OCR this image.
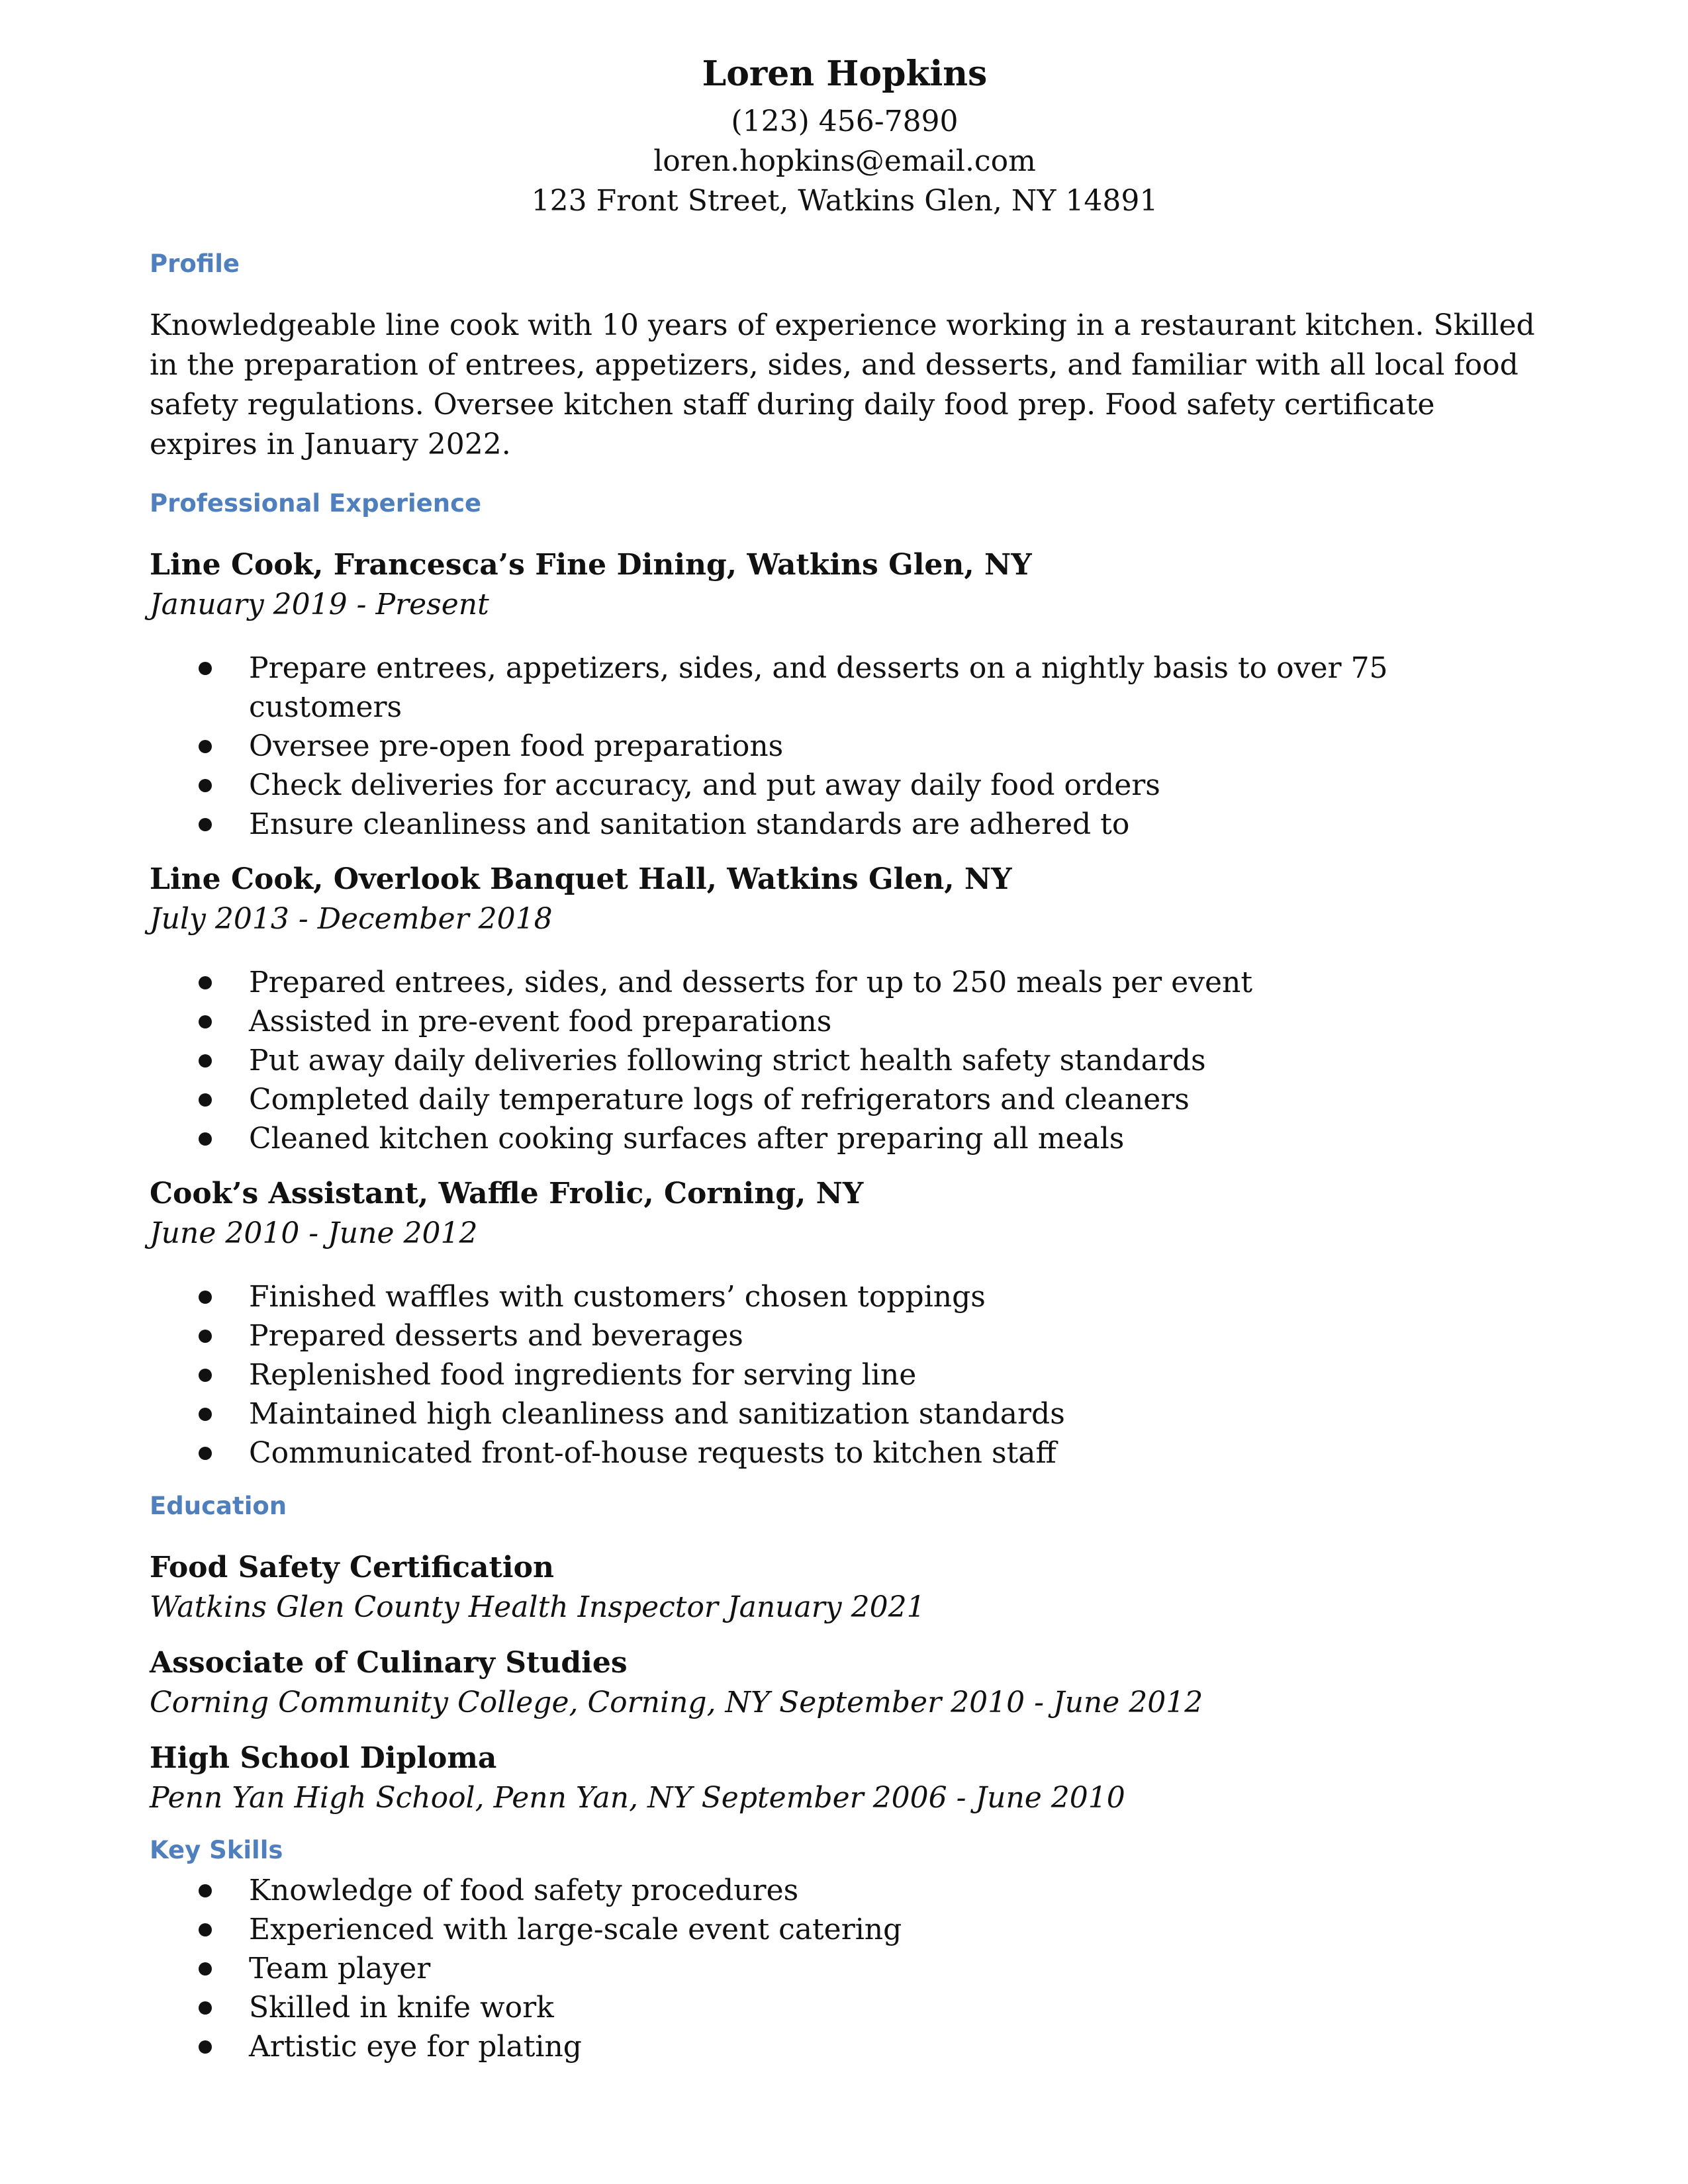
Loren Hopkins

(123) 456-7890

loren.hopkins@email.com

123 Front Street, Watkins Glen, NY 14891

Profile

Knowledgeable line cook with 10 years of experience working in a restaurant kitchen. Skilled in the preparation of entrees, appetizers, sides, and desserts, and familiar with all local food safety regulations. Oversee kitchen staff during daily food prep. Food safety certificate expires in January 2022.

Professional Experience

Line Cook, Francesca’s Fine Dining, Watkins Glen, NY

January 2019 - Present

Prepare entrees, appetizers, sides, and desserts on a nightly basis to over 75 customers
Oversee pre-open food preparations
Check deliveries for accuracy, and put away daily food orders
Ensure cleanliness and sanitation standards are adhered to

Line Cook, Overlook Banquet Hall, Watkins Glen, NY

July 2013 - December 2018

Prepared entrees, sides, and desserts for up to 250 meals per event
Assisted in pre-event food preparations
Put away daily deliveries following strict health safety standards
Completed daily temperature logs of refrigerators and cleaners
Cleaned kitchen cooking surfaces after preparing all meals

Cook’s Assistant, Waffle Frolic, Corning, NY

June 2010 - June 2012

Finished waffles with customers’ chosen toppings
Prepared desserts and beverages
Replenished food ingredients for serving line
Maintained high cleanliness and sanitization standards
Communicated front-of-house requests to kitchen staff
Education

Food Safety Certification

Watkins Glen County Health Inspector January 2021

Associate of Culinary Studies

Corning Community College, Corning, NY September 2010 - June 2012

High School Diploma

Penn Yan High School, Penn Yan, NY September 2006 - June 2010

Key Skills
Knowledge of food safety procedures
Experienced with large-scale event catering
Team player
Skilled in knife work
Artistic eye for plating
